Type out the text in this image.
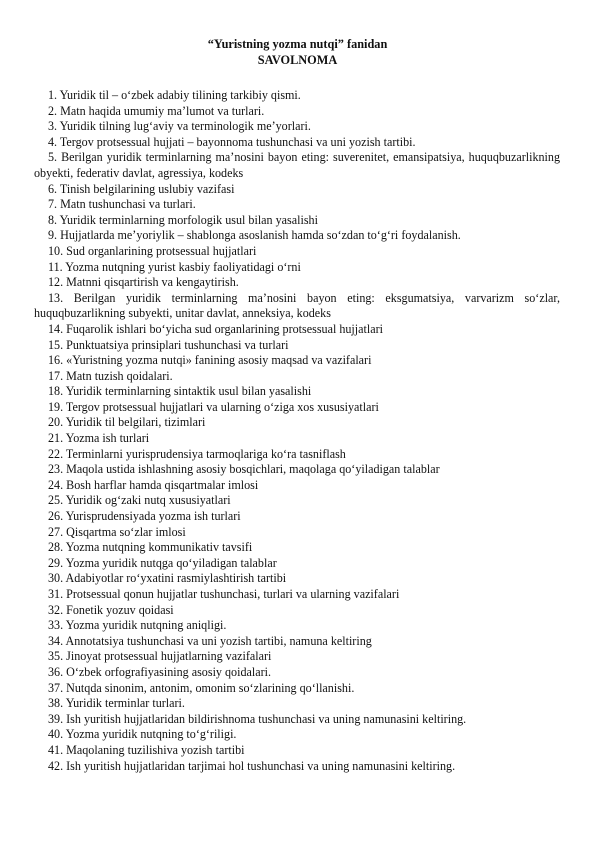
“Yuristning yozma nutqi” fanidan
SAVOLNOMA
1. Yuridik til – o‘zbek adabiy tilining tarkibiy qismi.
2. Matn haqida umumiy ma’lumot va turlari.
3. Yuridik tilning lug‘aviy va terminologik me’yorlari.
4. Tergov protsessual hujjati – bayonnoma tushunchasi va uni yozish tartibi.
5. Berilgan yuridik terminlarning ma’nosini bayon eting: suverenitet, emansipatsiya, huquqbuzarlikning obyekti, federativ davlat, agressiya, kodeks
6. Tinish belgilarining uslubiy vazifasi
7. Matn tushunchasi va turlari.
8. Yuridik terminlarning morfologik usul bilan yasalishi
9. Hujjatlarda me’yoriylik – shablonga asoslanish hamda so‘zdan to‘g‘ri foydalanish.
10. Sud organlarining protsessual hujjatlari
11. Yozma nutqning yurist kasbiy faoliyatidagi o‘rni
12. Matnni qisqartirish va kengaytirish.
13. Berilgan yuridik terminlarning ma’nosini bayon eting: eksgumatsiya, varvarizm so‘zlar, huquqbuzarlikning subyekti, unitar davlat, anneksiya, kodeks
14. Fuqarolik ishlari bo‘yicha sud organlarining protsessual hujjatlari
15. Punktuatsiya prinsiplari tushunchasi va turlari
16. «Yuristning yozma nutqi» fanining asosiy maqsad va vazifalari
17. Matn tuzish qoidalari.
18. Yuridik terminlarning sintaktik usul bilan yasalishi
19. Tergov protsessual hujjatlari va ularning o‘ziga xos xususiyatlari
20. Yuridik til belgilari, tizimlari
21. Yozma ish turlari
22. Terminlarni yurisprudensiya tarmoqlariga ko‘ra tasniflash
23. Maqola ustida ishlashning asosiy bosqichlari, maqolaga qo‘yiladigan talablar
24. Bosh harflar hamda qisqartmalar imlosi
25. Yuridik og‘zaki nutq xususiyatlari
26. Yurisprudensiyada yozma ish turlari
27. Qisqartma so‘zlar imlosi
28. Yozma nutqning kommunikativ tavsifi
29. Yozma yuridik nutqga qo‘yiladigan talablar
30. Adabiyotlar ro‘yxatini rasmiylashtirish tartibi
31. Protsessual qonun hujjatlar tushunchasi, turlari va ularning vazifalari
32. Fonetik yozuv qoidasi
33. Yozma yuridik nutqning aniqligi.
34. Annotatsiya tushunchasi va uni yozish tartibi, namuna keltiring
35. Jinoyat protsessual hujjatlarning vazifalari
36. O‘zbek orfografiyasining asosiy qoidalari.
37. Nutqda sinonim, antonim, omonim so‘zlarining qo‘llanishi.
38. Yuridik terminlar turlari.
39. Ish yuritish hujjatlaridan bildirishnoma tushunchasi va uning namunasini keltiring.
40. Yozma yuridik nutqning to‘g‘riligi.
41. Maqolaning tuzilishiva yozish tartibi
42. Ish yuritish hujjatlaridan tarjimai hol tushunchasi va uning namunasini keltiring.
